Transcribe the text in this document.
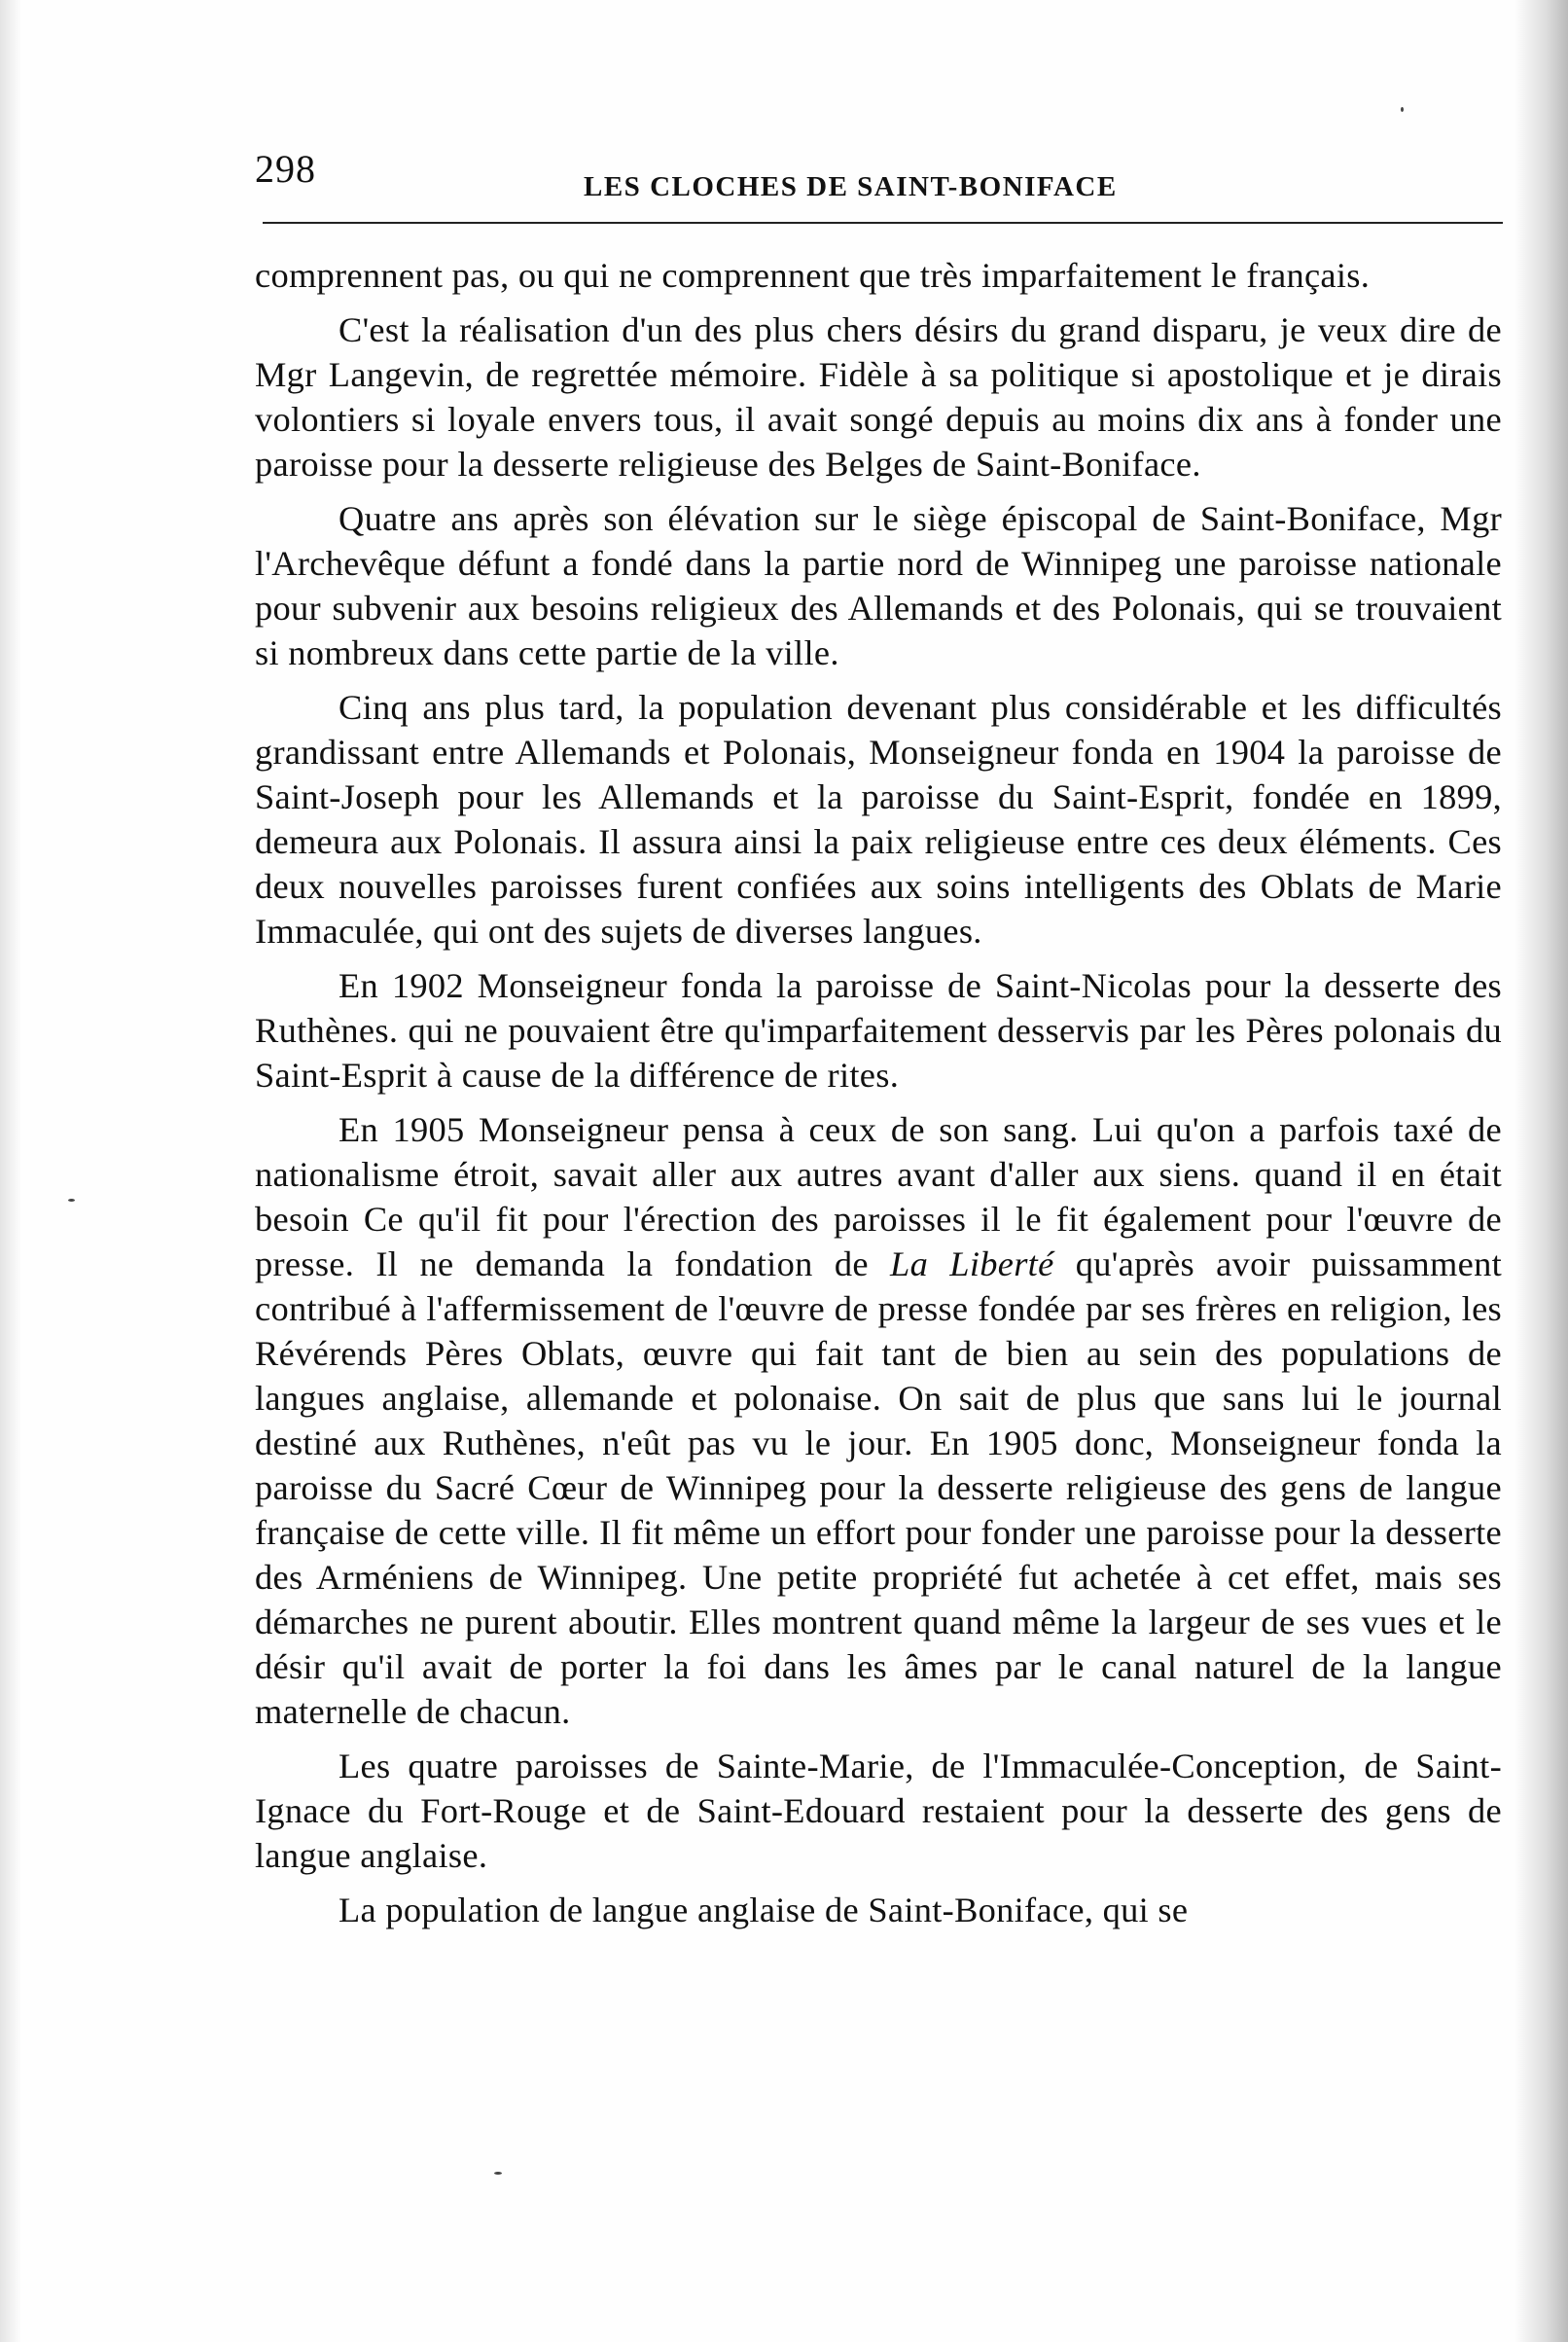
298	LES CLOCHES DE SAINT-BONIFACE

comprennent pas, ou qui ne comprennent que très imparfaitement le français.

C'est la réalisation d'un des plus chers désirs du grand disparu, je veux dire de Mgr Langevin, de regrettée mémoire. Fidèle à sa politique si apostolique et je dirais volontiers si loyale envers tous, il avait songé depuis au moins dix ans à fonder une paroisse pour la desserte religieuse des Belges de Saint-Boniface.

Quatre ans après son élévation sur le siège épiscopal de Saint-Boniface, Mgr l'Archevêque défunt a fondé dans la partie nord de Winnipeg une paroisse nationale pour subvenir aux besoins religieux des Allemands et des Polonais, qui se trouvaient si nombreux dans cette partie de la ville.

Cinq ans plus tard, la population devenant plus considérable et les difficultés grandissant entre Allemands et Polonais, Monseigneur fonda en 1904 la paroisse de Saint-Joseph pour les Allemands et la paroisse du Saint-Esprit, fondée en 1899, demeura aux Polonais. Il assura ainsi la paix religieuse entre ces deux éléments. Ces deux nouvelles paroisses furent confiées aux soins intelligents des Oblats de Marie Immaculée, qui ont des sujets de diverses langues.

En 1902 Monseigneur fonda la paroisse de Saint-Nicolas pour la desserte des Ruthènes. qui ne pouvaient être qu'imparfaitement desservis par les Pères polonais du Saint-Esprit à cause de la différence de rites.

En 1905 Monseigneur pensa à ceux de son sang. Lui qu'on a parfois taxé de nationalisme étroit, savait aller aux autres avant d'aller aux siens. quand il en était besoin Ce qu'il fit pour l'érection des paroisses il le fit également pour l'œuvre de presse. Il ne demanda la fondation de La Liberté qu'après avoir puissamment contribué à l'affermissement de l'œuvre de presse fondée par ses frères en religion, les Révérends Pères Oblats, œuvre qui fait tant de bien au sein des populations de langues anglaise, allemande et polonaise. On sait de plus que sans lui le journal destiné aux Ruthènes, n'eût pas vu le jour. En 1905 donc, Monseigneur fonda la paroisse du Sacré Cœur de Winnipeg pour la desserte religieuse des gens de langue française de cette ville. Il fit même un effort pour fonder une paroisse pour la desserte des Arméniens de Winnipeg. Une petite propriété fut achetée à cet effet, mais ses démarches ne purent aboutir. Elles montrent quand même la largeur de ses vues et le désir qu'il avait de porter la foi dans les âmes par le canal naturel de la langue maternelle de chacun.

Les quatre paroisses de Sainte-Marie, de l'Immaculée-Conception, de Saint-Ignace du Fort-Rouge et de Saint-Edouard restaient pour la desserte des gens de langue anglaise.

La population de langue anglaise de Saint-Boniface, qui se
